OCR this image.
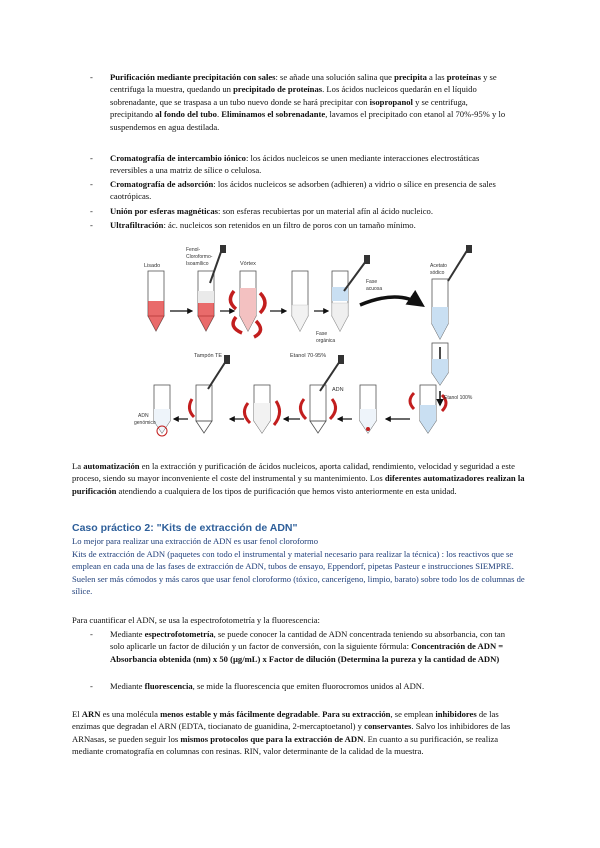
- Purificación mediante precipitación con sales: se añade una solución salina que precipita a las proteínas y se centrifuga la muestra, quedando un precipitado de proteínas. Los ácidos nucleicos quedarán en el líquido sobrenadante, que se traspasa a un tubo nuevo donde se hará precipitar con isopropanol y se centrifuga, precipitando al fondo del tubo. Eliminamos el sobrenadante, lavamos el precipitado con etanol al 70%-95% y lo suspendemos en agua destilada.
- Cromatografía de intercambio iónico: los ácidos nucleicos se unen mediante interacciones electrostáticas reversibles a una matriz de sílice o celulosa.
- Cromatografía de adsorción: los ácidos nucleicos se adsorben (adhieren) a vidrio o sílice en presencia de sales caotrópicas.
- Unión por esferas magnéticas: son esferas recubiertas por un material afín al ácido nucleico.
- Ultrafiltración: ác. nucleicos son retenidos en un filtro de poros con un tamaño mínimo.
Lisado
Fenol-
Cloroformo-
Isoamílico	Vórtex
Fase
acuosa
Fase
orgánica
Acetato
sódico
Etanol 100%
Tampón TE	Etanol 70-95%
ADN
ADN
genómico
La automatización en la extracción y purificación de ácidos nucleicos, aporta calidad, rendimiento, velocidad y seguridad a este proceso, siendo su mayor inconveniente el coste del instrumental y su mantenimiento. Los diferentes automatizadores realizan la purificación atendiendo a cualquiera de los tipos de purificación que hemos visto anteriormente en esta unidad.
Caso práctico 2: "Kits de extracción de ADN"
Lo mejor para realizar una extracción de ADN es usar fenol cloroformo
Kits de extracción de ADN (paquetes con todo el instrumental y material necesario para realizar la técnica) : los reactivos que se emplean en cada una de las fases de extracción de ADN, tubos de ensayo, Eppendorf, pipetas Pasteur e instrucciones SIEMPRE. Suelen ser más cómodos y más caros que usar fenol cloroformo (tóxico, cancerígeno, limpio, barato) sobre todo los de columnas de sílice.
Para cuantificar el ADN, se usa la espectrofotometría y la fluorescencia:
- Mediante espectrofotometría, se puede conocer la cantidad de ADN concentrada teniendo su absorbancia, con tan solo aplicarle un factor de dilución y un factor de conversión, con la siguiente fórmula: Concentración de ADN = Absorbancia obtenida (nm) x 50 (µg/mL) x Factor de dilución (Determina la pureza y la cantidad de ADN)
- Mediante fluorescencia, se mide la fluorescencia que emiten fluorocromos unidos al ADN.
El ARN es una molécula menos estable y más fácilmente degradable. Para su extracción, se emplean inhibidores de las enzimas que degradan el ARN (EDTA, tiocianato de guanidina, 2-mercaptoetanol) y conservantes. Salvo los inhibidores de las ARNasas, se pueden seguir los mismos protocolos que para la extracción de ADN. En cuanto a su purificación, se realiza mediante cromatografía en columnas con resinas. RIN, valor determinante de la calidad de la muestra.
